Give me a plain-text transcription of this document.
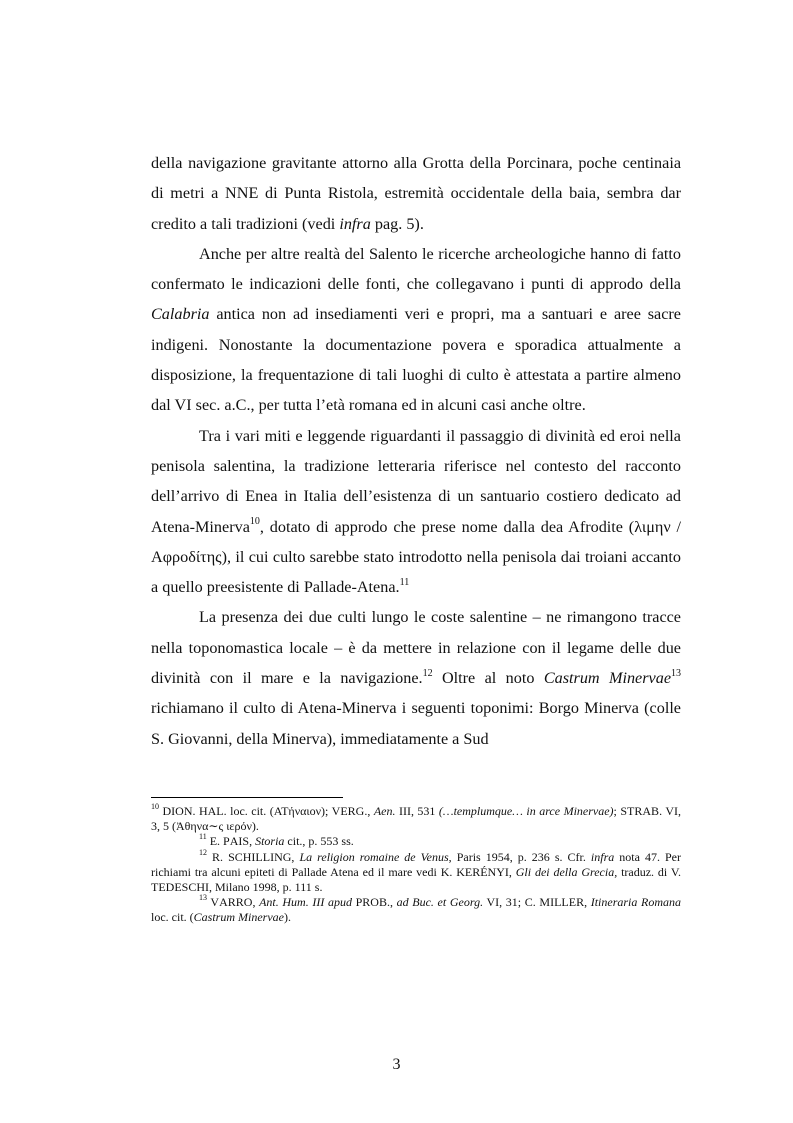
della navigazione gravitante attorno alla Grotta della Porcinara, poche centinaia di metri a NNE di Punta Ristola, estremità occidentale della baia, sembra dar credito a tali tradizioni (vedi infra pag. 5).

Anche per altre realtà del Salento le ricerche archeologiche hanno di fatto confermato le indicazioni delle fonti, che collegavano i punti di approdo della Calabria antica non ad insediamenti veri e propri, ma a santuari e aree sacre indigeni. Nonostante la documentazione povera e sporadica attualmente a disposizione, la frequentazione di tali luoghi di culto è attestata a partire almeno dal VI sec. a.C., per tutta l’età romana ed in alcuni casi anche oltre.

Tra i vari miti e leggende riguardanti il passaggio di divinità ed eroi nella penisola salentina, la tradizione letteraria riferisce nel contesto del racconto dell’arrivo di Enea in Italia dell’esistenza di un santuario costiero dedicato ad Atena-Minerva$^{10}$, dotato di approdo che prese nome dalla dea Afrodite (λιμην /Αφροδίτης), il cui culto sarebbe stato introdotto nella penisola dai troiani accanto a quello preesistente di Pallade-Atena.$^{11}$

La presenza dei due culti lungo le coste salentine – ne rimangono tracce nella toponomastica locale – è da mettere in relazione con il legame delle due divinità con il mare e la navigazione.$^{12}$ Oltre al noto Castrum Minervae$^{13}$ richiamano il culto di Atena-Minerva i seguenti toponimi: Borgo Minerva (colle S. Giovanni, della Minerva), immediatamente a Sud

$^{10}$ DION. HAL. loc. cit. (ΑΤήναιον); VERG., Aen. III, 531 (…templumque… in arce Minervae); STRAB. VI, 3, 5 (Ἀθηνα∼ς ιερόν).

$^{11}$ E. PAIS, Storia cit., p. 553 ss.

$^{12}$ R. SCHILLING, La religion romaine de Venus, Paris 1954, p. 236 s. Cfr. infra nota 47. Per richiami tra alcuni epiteti di Pallade Atena ed il mare vedi K. KERÉNYI, Gli dei della Grecia, traduz. di V. TEDESCHI, Milano 1998, p. 111 s.

$^{13}$ VARRO, Ant. Hum. III apud PROB., ad Buc. et Georg. VI, 31; C. MILLER, Itineraria Romana loc. cit. (Castrum Minervae).

3
